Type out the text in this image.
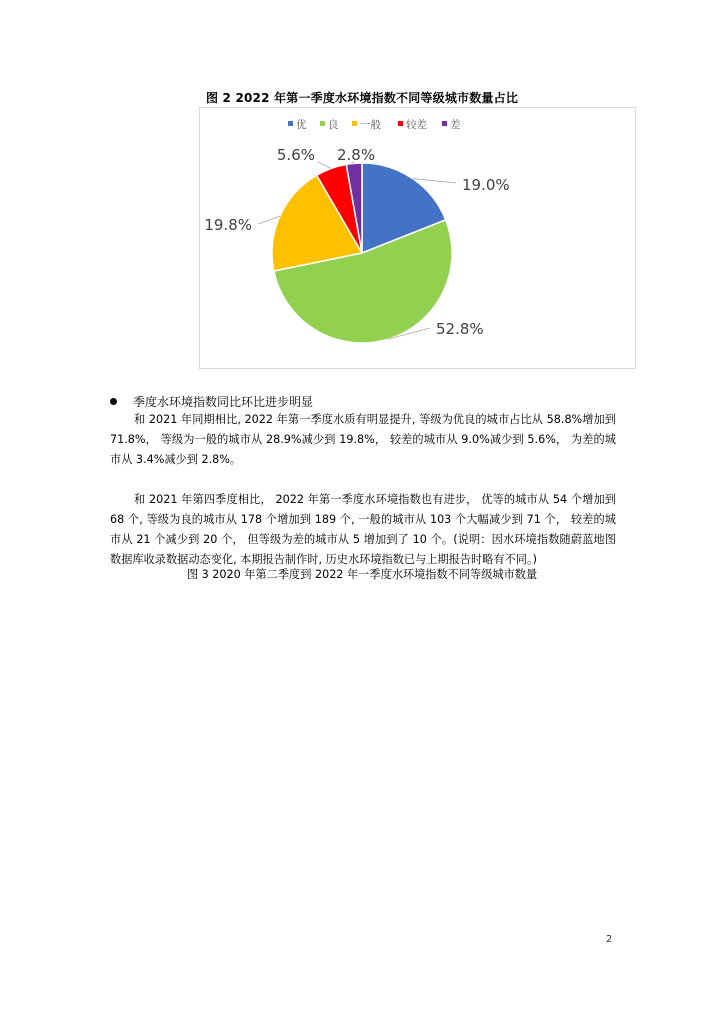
图 2 2022 年第一季度水环境指数不同等级城市数量占比
优 良 一般 较差 差
19.0%
52.8%
19.8%
5.6% 2.8%
季度水环境指数同比环比进步明显
和 2021 年同期相比, 2022 年第一季度水质有明显提升, 等级为优良的城市占比从 58.8%增加到 71.8%， 等级为一般的城市从 28.9%减少到 19.8%， 较差的城市从 9.0%减少到 5.6%， 为差的城市从 3.4%减少到 2.8%。
和 2021 年第四季度相比， 2022 年第一季度水环境指数也有进步， 优等的城市从 54 个增加到 68 个, 等级为良的城市从 178 个增加到 189 个, 一般的城市从 103 个大幅减少到 71 个， 较差的城市从 21 个减少到 20 个， 但等级为差的城市从 5 增加到了 10 个。(说明：因水环境指数随蔚蓝地图数据库收录数据动态变化, 本期报告制作时, 历史水环境指数已与上期报告时略有不同。)
图 3 2020 年第二季度到 2022 年一季度水环境指数不同等级城市数量
2
